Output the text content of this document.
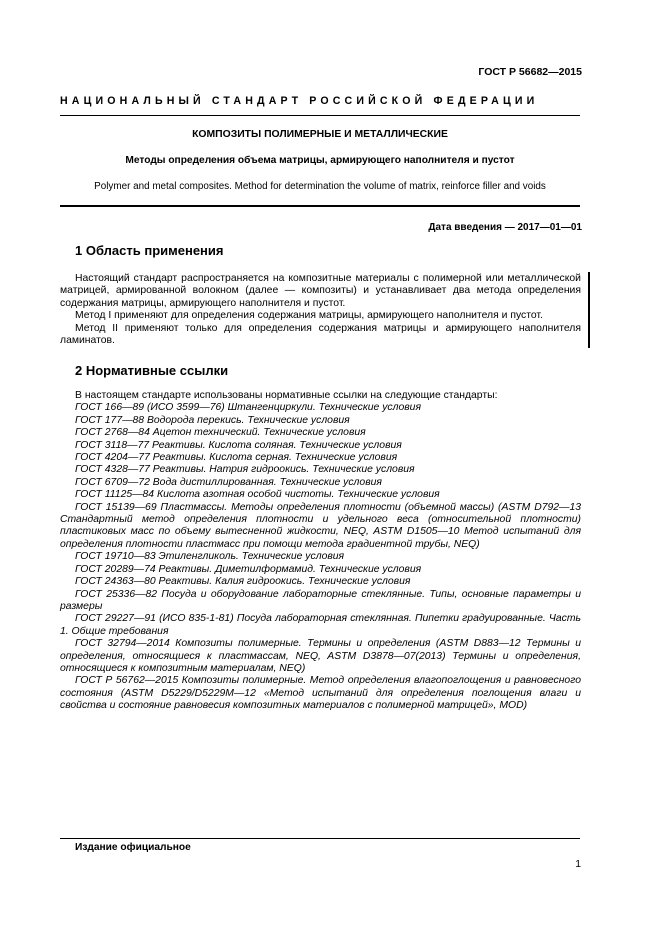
ГОСТ Р 56682—2015
НАЦИОНАЛЬНЫЙ СТАНДАРТ РОССИЙСКОЙ ФЕДЕРАЦИИ
КОМПОЗИТЫ ПОЛИМЕРНЫЕ И МЕТАЛЛИЧЕСКИЕ
Методы определения объема матрицы, армирующего наполнителя и пустот
Polymer and metal composites. Method for determination the volume of matrix, reinforce filler and voids
Дата введения — 2017—01—01
1 Область применения

Настоящий стандарт распространяется на композитные материалы с полимерной или металлической матрицей, армированной волокном (далее — композиты) и устанавливает два метода определения содержания матрицы, армирующего наполнителя и пустот.

Метод I применяют для определения содержания матрицы, армирующего наполнителя и пустот.

Метод II применяют только для определения содержания матрицы и армирующего наполнителя ламинатов.

2 Нормативные ссылки

В настоящем стандарте использованы нормативные ссылки на следующие стандарты:

ГОСТ 166—89 (ИСО 3599—76) Штангенциркули. Технические условия

ГОСТ 177—88 Водорода перекись. Технические условия

ГОСТ 2768—84 Ацетон технический. Технические условия

ГОСТ 3118—77 Реактивы. Кислота соляная. Технические условия

ГОСТ 4204—77 Реактивы. Кислота серная. Технические условия

ГОСТ 4328—77 Реактивы. Натрия гидроокись. Технические условия

ГОСТ 6709—72 Вода дистиллированная. Технические условия

ГОСТ 11125—84 Кислота азотная особой чистоты. Технические условия

ГОСТ 15139—69 Пластмассы. Методы определения плотности (объемной массы) (ASTM D792—13 Стандартный метод определения плотности и удельного веса (относительной плотности) пластиковых масс по объему вытесненной жидкости, NEQ, ASTM D1505—10 Метод испытаний для определения плотности пластмасс при помощи метода градиентной трубы, NEQ)

ГОСТ 19710—83 Этиленгликоль. Технические условия

ГОСТ 20289—74 Реактивы. Диметилформамид. Технические условия

ГОСТ 24363—80 Реактивы. Калия гидроокись. Технические условия

ГОСТ 25336—82 Посуда и оборудование лабораторные стеклянные. Типы, основные параметры и размеры

ГОСТ 29227—91 (ИСО 835-1-81) Посуда лабораторная стеклянная. Пипетки градуированные. Часть 1. Общие требования

ГОСТ 32794—2014 Композиты полимерные. Термины и определения (ASTM D883—12 Термины и определения, относящиеся к пластмассам, NEQ, ASTM D3878—07(2013) Термины и определения, относящиеся к композитным материалам, NEQ)

ГОСТ Р 56762—2015 Композиты полимерные. Метод определения влагопоглощения и равновесного состояния (ASTM D5229/D5229M—12 «Метод испытаний для определения поглощения влаги и свойства и состояние равновесия композитных материалов с полимерной матрицей», MOD)

Издание официальное
1
